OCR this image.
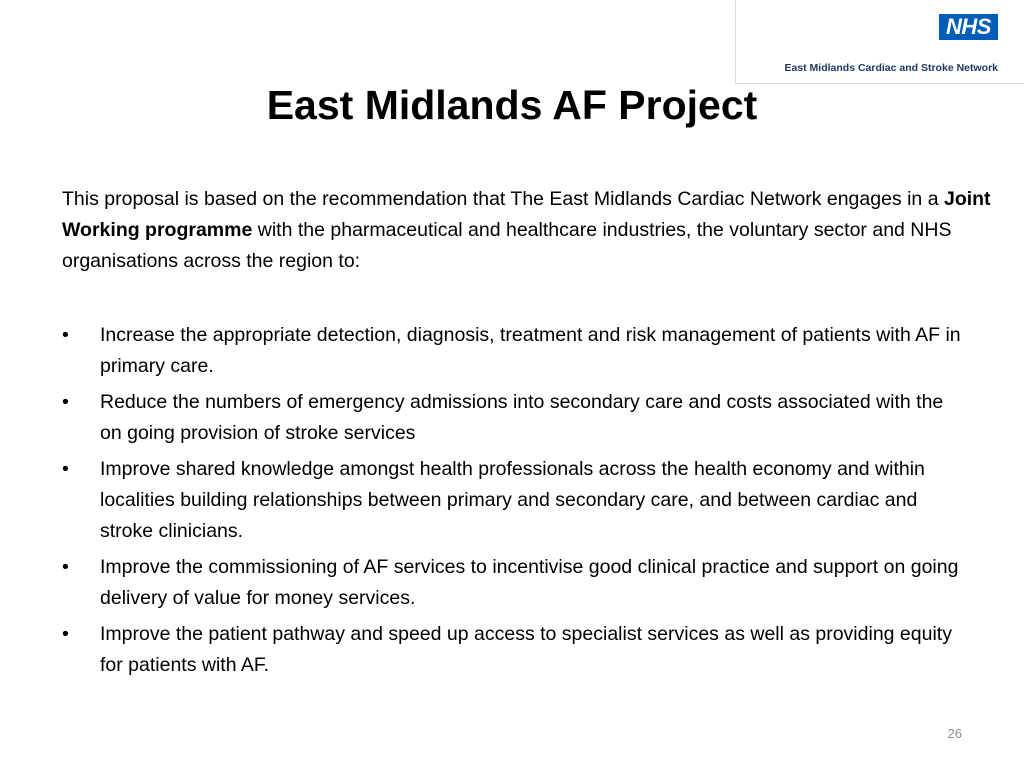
NHS
East Midlands Cardiac and Stroke Network
East Midlands AF Project

This proposal is based on the recommendation that The East Midlands Cardiac Network engages in a Joint Working programme with the pharmaceutical and healthcare industries, the voluntary sector and NHS organisations across the region to:

• Increase the appropriate detection, diagnosis, treatment and risk management of patients with AF in primary care.
• Reduce the numbers of emergency admissions into secondary care and costs associated with the on going provision of stroke services
• Improve shared knowledge amongst health professionals across the health economy and within localities building relationships between primary and secondary care, and between cardiac and stroke clinicians.
• Improve the commissioning of AF services to incentivise good clinical practice and support on going delivery of value for money services.
• Improve the patient pathway and speed up access to specialist services as well as providing equity for patients with AF.
26
